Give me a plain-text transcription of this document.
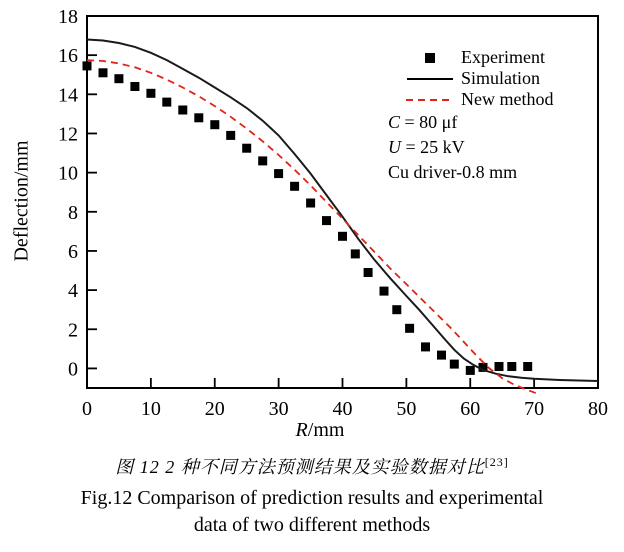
0
2
4
6
8
10
12
14
16
18
0 10 20 30 40 50 60 70 80
Deflection/mm
R/mm
Experiment
Simulation
New method
C = 80 μf
U = 25 kV
Cu driver-0.8 mm
图 12 2 种不同方法预测结果及实验数据对比[23]
Fig.12 Comparison of prediction results and experimental
data of two different methods
